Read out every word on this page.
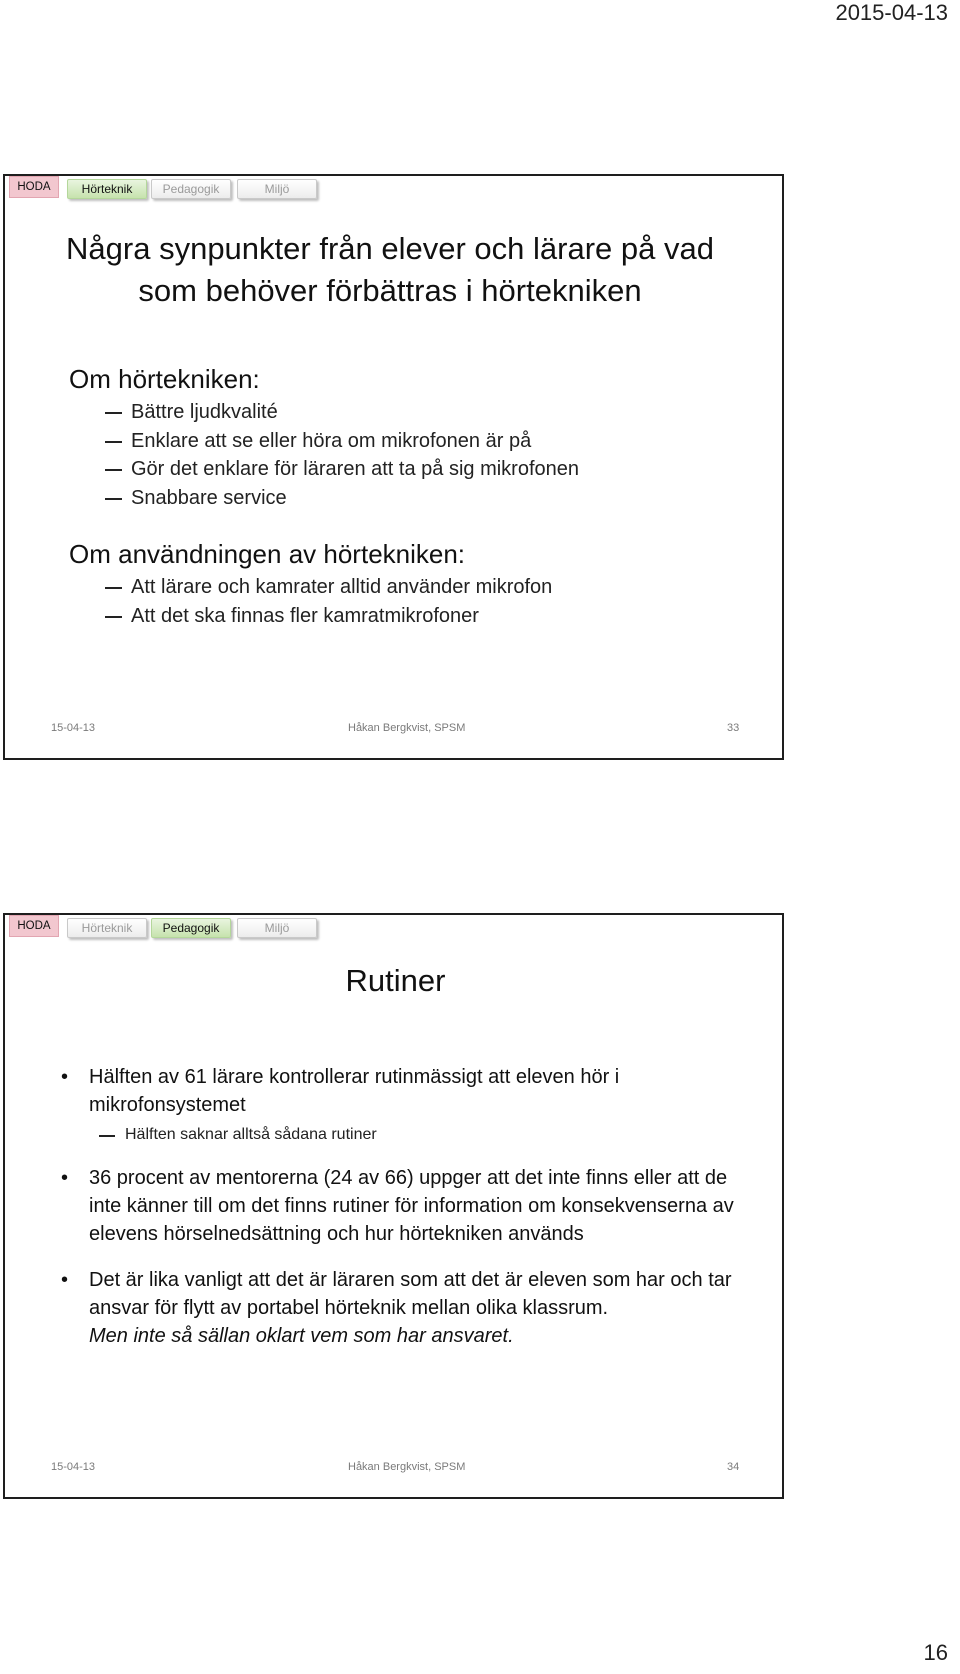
2015-04-13
HODA	Hörteknik	Pedagogik	Miljö
Några synpunkter från elever och lärare på vad
som behöver förbättras i hörtekniken
Om hörtekniken:
Bättre ljudkvalité
Enklare att se eller höra om mikrofonen är på
Gör det enklare för läraren att ta på sig mikrofonen
Snabbare service
Om användningen av hörtekniken:
Att lärare och kamrater alltid använder mikrofon
Att det ska finnas fler kamratmikrofoner
15-04-13	Håkan Bergkvist, SPSM	33
HODA	Hörteknik	Pedagogik	Miljö
Rutiner
• Hälften av 61 lärare kontrollerar rutinmässigt att eleven hör i mikrofonsystemet
Hälften saknar alltså sådana rutiner
• 36 procent av mentorerna (24 av 66) uppger att det inte finns eller att de inte känner till om det finns rutiner för information om konsekvenserna av elevens hörselnedsättning och hur hörtekniken används
• Det är lika vanligt att det är läraren som att det är eleven som har och tar ansvar för flytt av portabel hörteknik mellan olika klassrum.
Men inte så sällan oklart vem som har ansvaret.
15-04-13	Håkan Bergkvist, SPSM	34
16
